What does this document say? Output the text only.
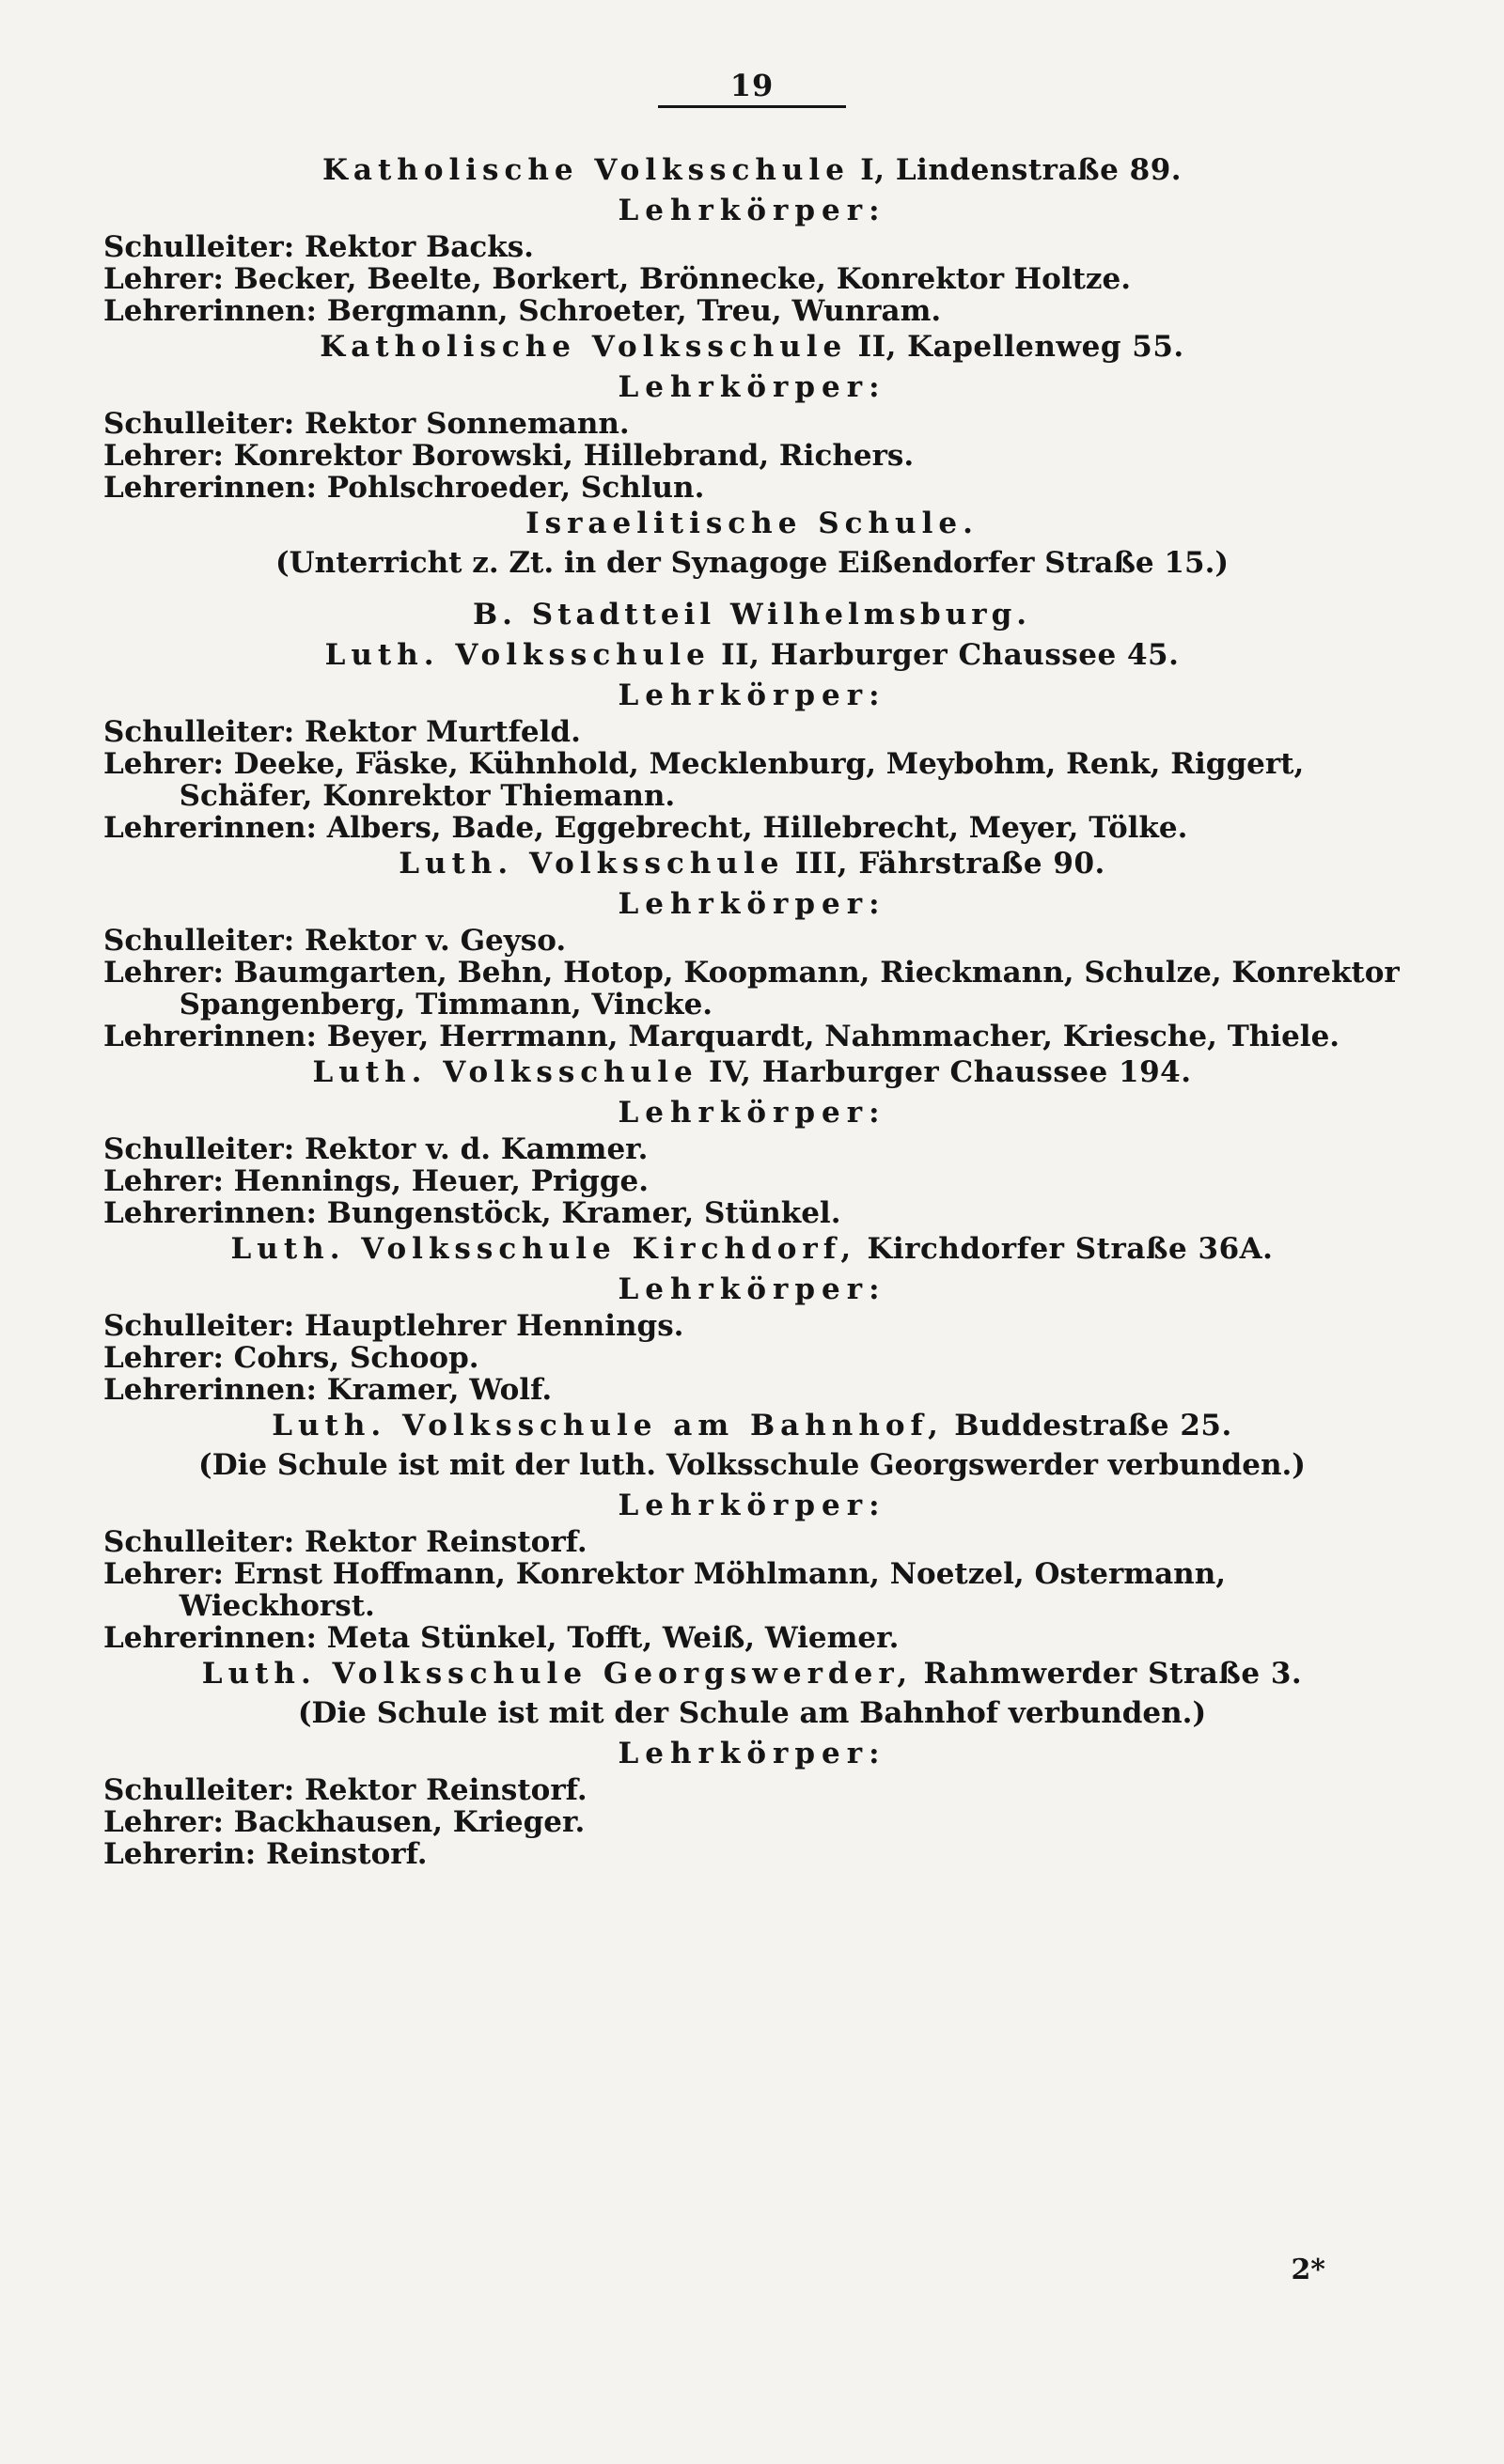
19
Katholische Volksschule I, Lindenstraße 89.
Lehrkörper:

Schulleiter: Rektor Backs.

Lehrer: Becker, Beelte, Borkert, Brönnecke, Konrektor Holtze.

Lehrerinnen: Bergmann, Schroeter, Treu, Wunram.

Katholische Volksschule II, Kapellenweg 55.
Lehrkörper:

Schulleiter: Rektor Sonnemann.

Lehrer: Konrektor Borowski, Hillebrand, Richers.

Lehrerinnen: Pohlschroeder, Schlun.

Israelitische Schule.
(Unterricht z. Zt. in der Synagoge Eißendorfer Straße 15.)
B. Stadtteil Wilhelmsburg.
Luth. Volksschule II, Harburger Chaussee 45.
Lehrkörper:

Schulleiter: Rektor Murtfeld.

Lehrer: Deeke, Fäske, Kühnhold, Mecklenburg, Meybohm, Renk, Riggert, Schäfer, Konrektor Thiemann.

Lehrerinnen: Albers, Bade, Eggebrecht, Hillebrecht, Meyer, Tölke.

Luth. Volksschule III, Fährstraße 90.
Lehrkörper:

Schulleiter: Rektor v. Geyso.

Lehrer: Baumgarten, Behn, Hotop, Koopmann, Rieckmann, Schulze, Konrektor Spangenberg, Timmann, Vincke.

Lehrerinnen: Beyer, Herrmann, Marquardt, Nahmmacher, Kriesche, Thiele.

Luth. Volksschule IV, Harburger Chaussee 194.
Lehrkörper:

Schulleiter: Rektor v. d. Kammer.

Lehrer: Hennings, Heuer, Prigge.

Lehrerinnen: Bungenstöck, Kramer, Stünkel.

Luth. Volksschule Kirchdorf, Kirchdorfer Straße 36A.
Lehrkörper:

Schulleiter: Hauptlehrer Hennings.

Lehrer: Cohrs, Schoop.

Lehrerinnen: Kramer, Wolf.

Luth. Volksschule am Bahnhof, Buddestraße 25.
(Die Schule ist mit der luth. Volksschule Georgswerder verbunden.)
Lehrkörper:

Schulleiter: Rektor Reinstorf.

Lehrer: Ernst Hoffmann, Konrektor Möhlmann, Noetzel, Ostermann, Wieckhorst.

Lehrerinnen: Meta Stünkel, Tofft, Weiß, Wiemer.

Luth. Volksschule Georgswerder, Rahmwerder Straße 3.
(Die Schule ist mit der Schule am Bahnhof verbunden.)
Lehrkörper:

Schulleiter: Rektor Reinstorf.

Lehrer: Backhausen, Krieger.

Lehrerin: Reinstorf.

2*
